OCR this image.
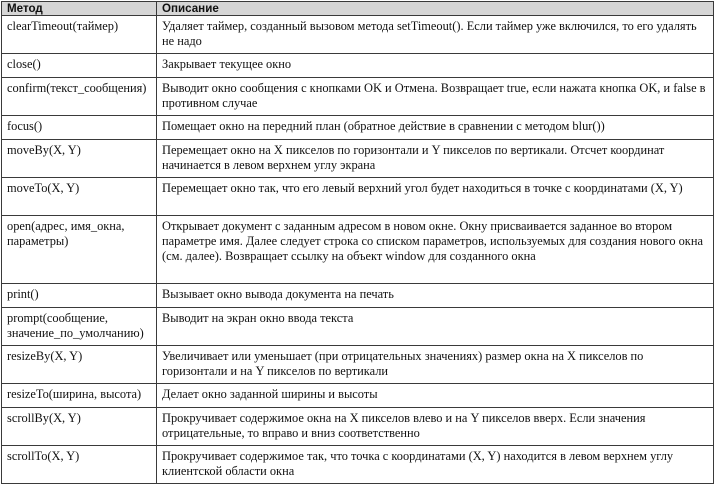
Метод	Описание
clearTimeout(таймер)	Удаляет таймер, созданный вызовом метода setTimeout(). Если таймер уже включился, то его удалять не надо
close()	Закрывает текущее окно
confirm(текст_сообщения)	Выводит окно сообщения с кнопками OK и Отмена. Возвращает true, если нажата кнопка OK, и false в противном случае
focus()	Помещает окно на передний план (обратное действие в сравнении с методом blur())
moveBy(X, Y)	Перемещает окно на X пикселов по горизонтали и Y пикселов по вертикали. Отсчет координат начинается в левом верхнем углу экрана
moveTo(X, Y)	Перемещает окно так, что его левый верхний угол будет находиться в точке с координатами (X, Y)
open(адрес, имя_окна, параметры)	Открывает документ с заданным адресом в новом окне. Окну присваивается заданное во втором параметре имя. Далее следует строка со списком параметров, используемых для создания нового окна (см. далее). Возвращает ссылку на объект window для созданного окна
print()	Вызывает окно вывода документа на печать
prompt(сообщение, значение_по_умолчанию)	Выводит на экран окно ввода текста
resizeBy(X, Y)	Увеличивает или уменьшает (при отрицательных значениях) размер окна на X пикселов по горизонтали и на Y пикселов по вертикали
resizeTo(ширина, высота)	Делает окно заданной ширины и высоты
scrollBy(X, Y)	Прокручивает содержимое окна на X пикселов влево и на Y пикселов вверх. Если значения отрицательные, то вправо и вниз соответственно
scrollTo(X, Y)	Прокручивает содержимое так, что точка с координатами (X, Y) находится в левом верхнем углу клиентской области окна
